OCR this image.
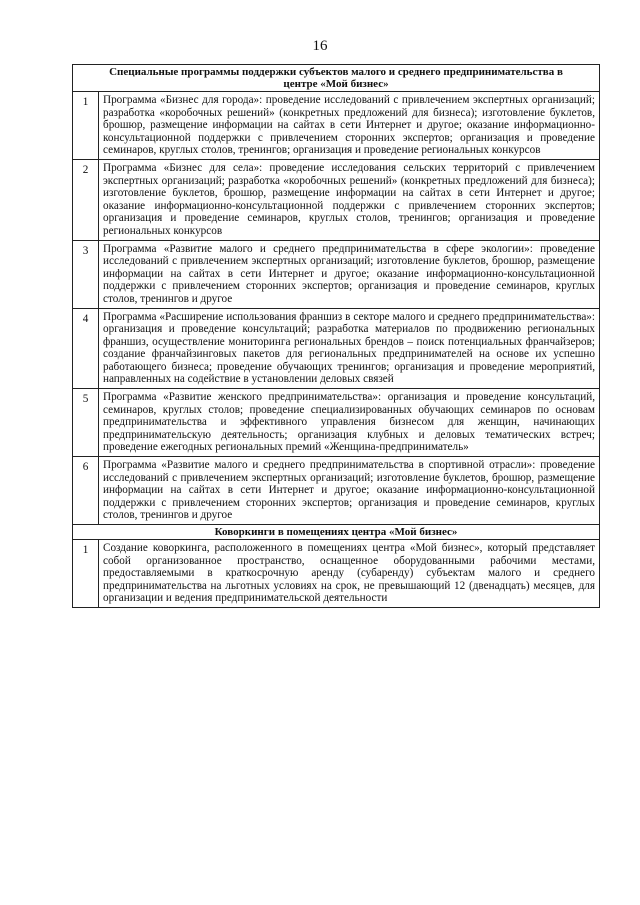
16
Специальные программы поддержки субъектов малого и среднего предпринимательства в центре «Мой бизнес»	
1	Программа «Бизнес для города»: проведение исследований с привлечением экспертных организаций; разработка «коробочных решений» (конкретных предложений для бизнеса); изготовление буклетов, брошюр, размещение информации на сайтах в сети Интернет и другое; оказание информационно-консультационной поддержки с привлечением сторонних экспертов; организация и проведение семинаров, круглых столов, тренингов; организация и проведение региональных конкурсов
2	Программа «Бизнес для села»: проведение исследования сельских территорий с привлечением экспертных организаций; разработка «коробочных решений» (конкретных предложений для бизнеса); изготовление буклетов, брошюр, размещение информации на сайтах в сети Интернет и другое; оказание информационно-консультационной поддержки с привлечением сторонних экспертов; организация и проведение семинаров, круглых столов, тренингов; организация и проведение региональных конкурсов
3	Программа «Развитие малого и среднего предпринимательства в сфере экологии»: проведение исследований с привлечением экспертных организаций; изготовление буклетов, брошюр, размещение информации на сайтах в сети Интернет и другое; оказание информационно-консультационной поддержки с привлечением сторонних экспертов; организация и проведение семинаров, круглых столов, тренингов и другое
4	Программа «Расширение использования франшиз в секторе малого и среднего предпринимательства»: организация и проведение консультаций; разработка материалов по продвижению региональных франшиз, осуществление мониторинга региональных брендов – поиск потенциальных франчайзеров; создание франчайзинговых пакетов для региональных предпринимателей на основе их успешно работающего бизнеса; проведение обучающих тренингов; организация и проведение мероприятий, направленных на содействие в установлении деловых связей
5	Программа «Развитие женского предпринимательства»: организация и проведение консультаций, семинаров, круглых столов; проведение специализированных обучающих семинаров по основам предпринимательства и эффективного управления бизнесом для женщин, начинающих предпринимательскую деятельность; организация клубных и деловых тематических встреч; проведение ежегодных региональных премий «Женщина-предприниматель»
6	Программа «Развитие малого и среднего предпринимательства в спортивной отрасли»: проведение исследований с привлечением экспертных организаций; изготовление буклетов, брошюр, размещение информации на сайтах в сети Интернет и другое; оказание информационно-консультационной поддержки с привлечением сторонних экспертов; организация и проведение семинаров, круглых столов, тренингов и другое
Коворкинги в помещениях центра «Мой бизнес»	
1	Создание коворкинга, расположенного в помещениях центра «Мой бизнес», который представляет собой организованное пространство, оснащенное оборудованными рабочими местами, предоставляемыми в краткосрочную аренду (субаренду) субъектам малого и среднего предпринимательства на льготных условиях на срок, не превышающий 12 (двенадцать) месяцев, для организации и ведения предпринимательской деятельности
